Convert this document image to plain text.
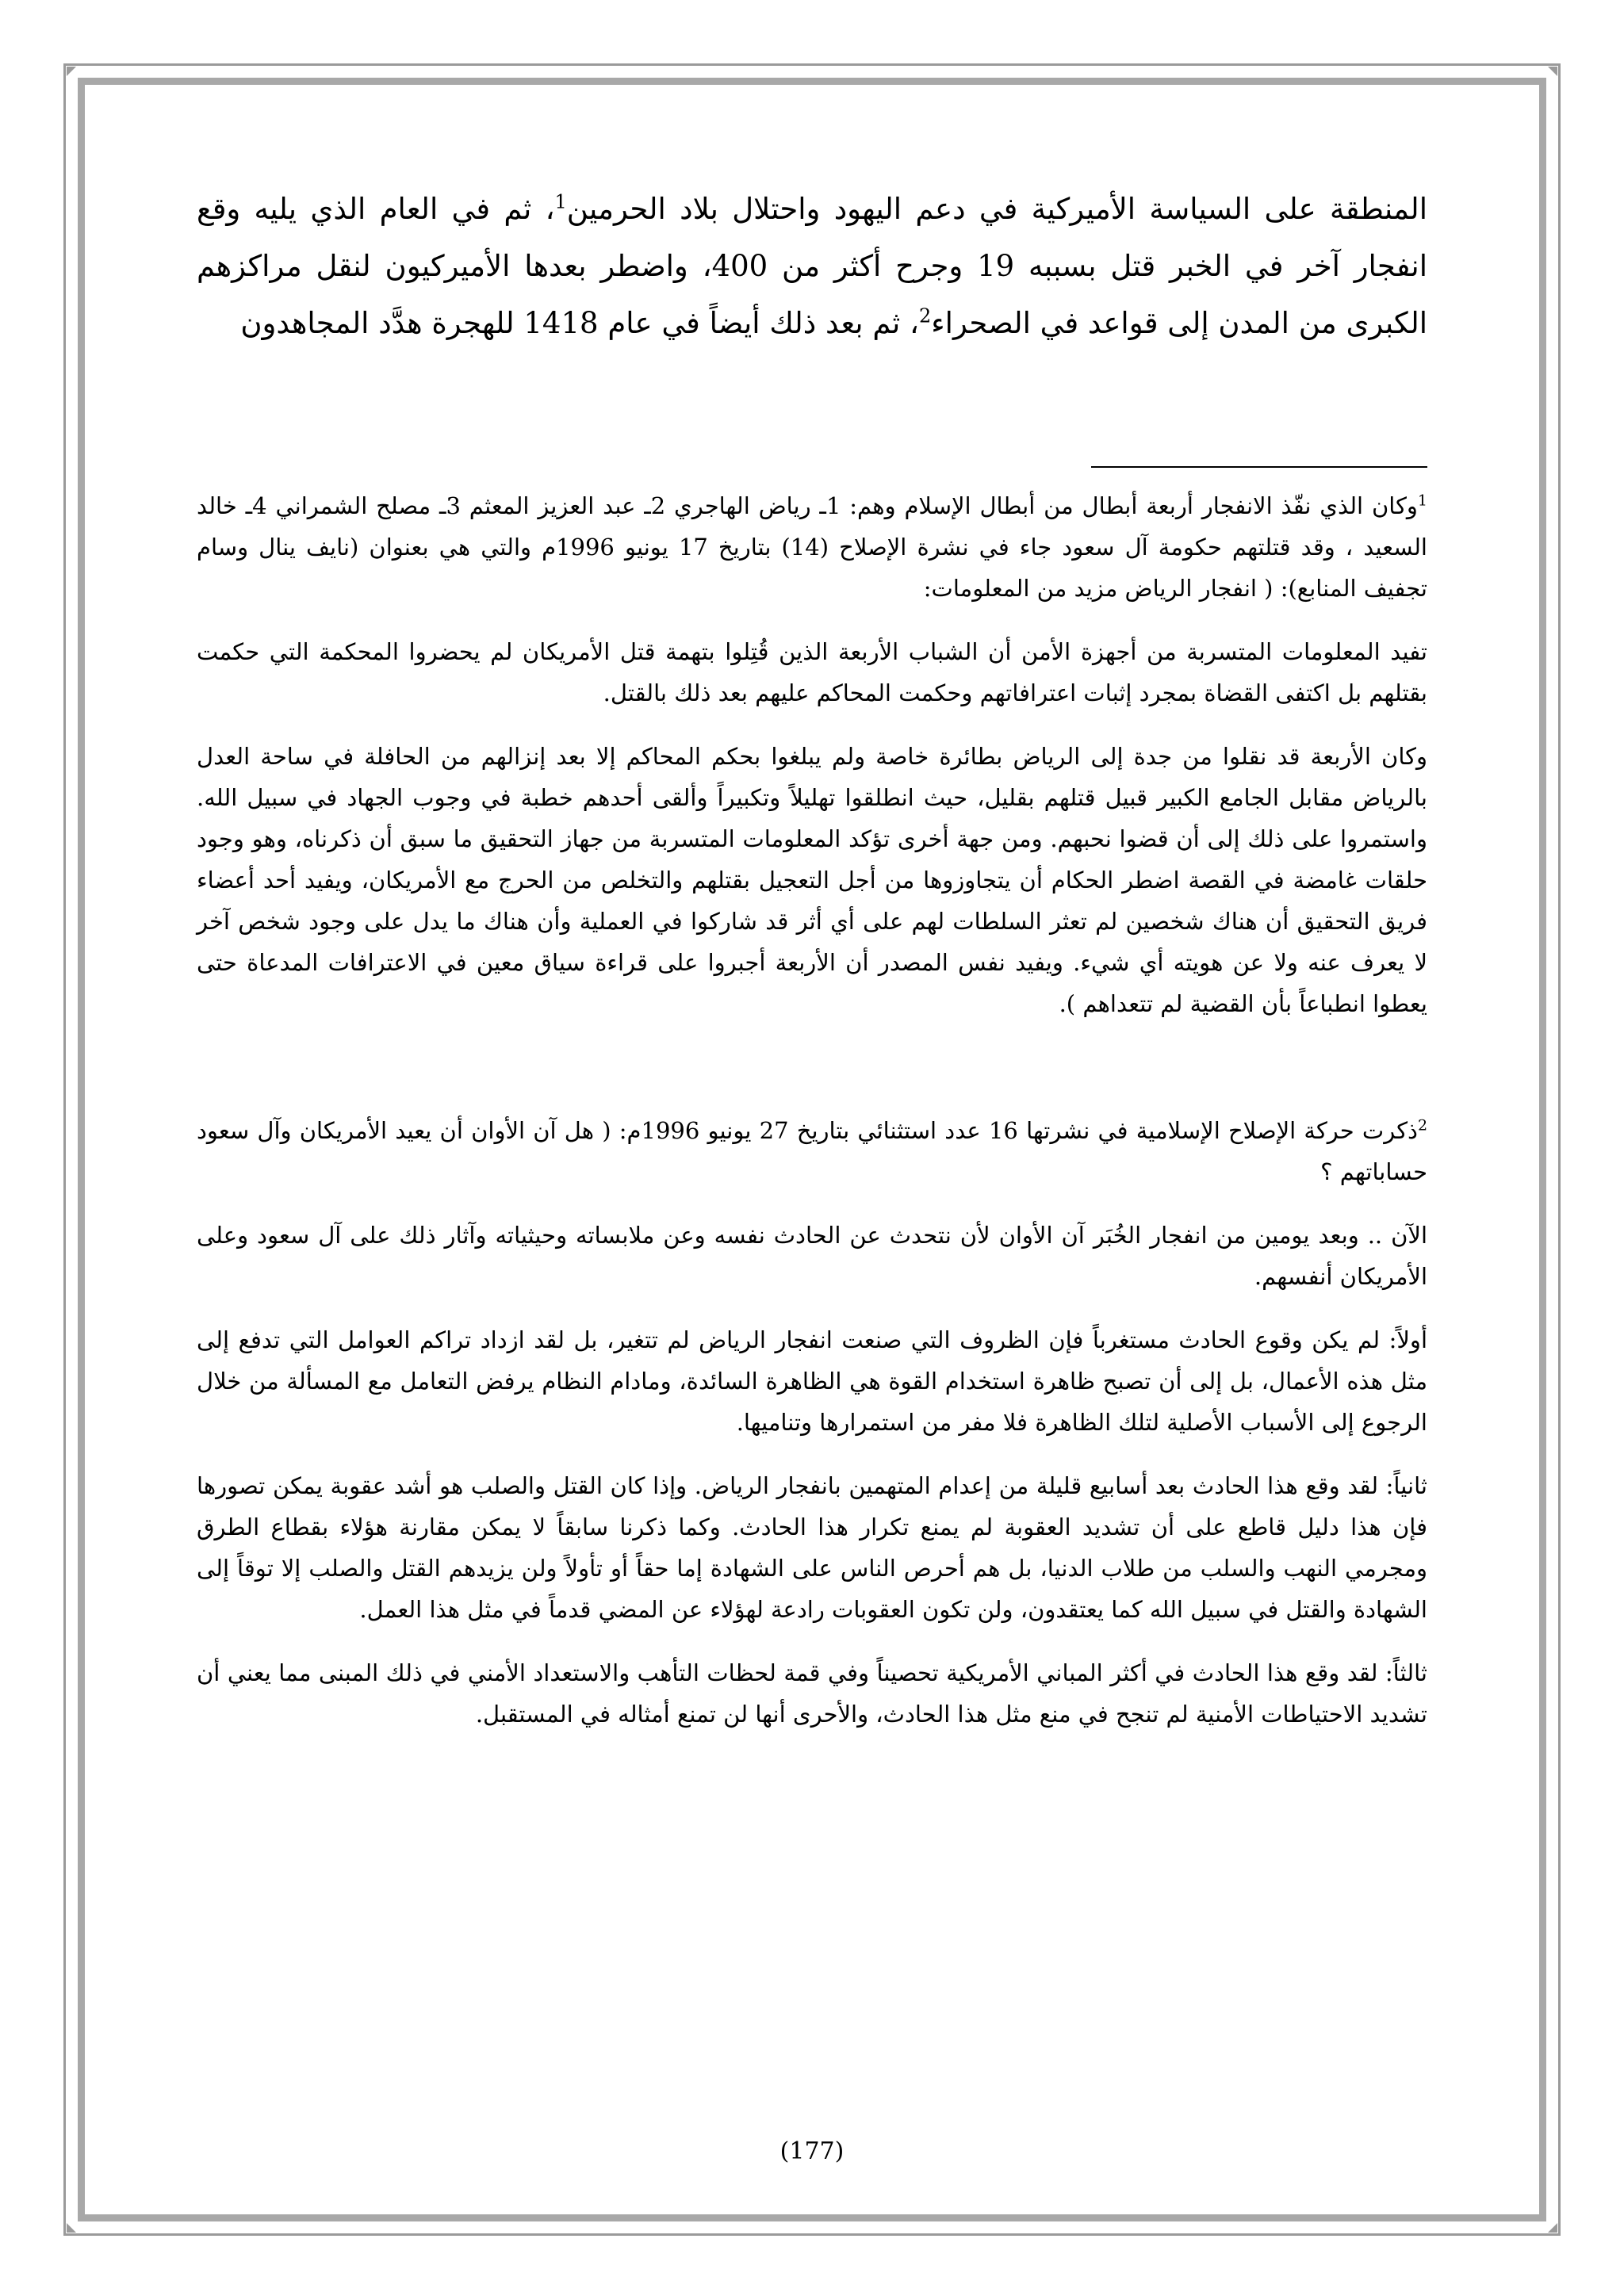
المنطقة على السياسة الأميركية في دعم اليهود واحتلال بلاد الحرمين$^1$، ثم في العام الذي يليه وقع انفجار آخر في الخبر قتل بسببه 19 وجرح أكثر من 400، واضطر بعدها الأميركيون لنقل مراكزهم الكبرى من المدن إلى قواعد في الصحراء$^2$، ثم بعد ذلك أيضاً في عام 1418 للهجرة هدَّد المجاهدون

$^1$وكان الذي نفّذ الانفجار أربعة أبطال من أبطال الإسلام وهم: 1ـ رياض الهاجري 2ـ عبد العزيز المعثم 3ـ مصلح الشمراني 4ـ خالد السعيد ، وقد قتلتهم حكومة آل سعود جاء في نشرة الإصلاح (14) بتاريخ 17 يونيو 1996م والتي هي بعنوان (نايف ينال وسام تجفيف المنابع): ( انفجار الرياض مزيد من المعلومات:

تفيد المعلومات المتسربة من أجهزة الأمن أن الشباب الأربعة الذين قُتِلوا بتهمة قتل الأمريكان لم يحضروا المحكمة التي حكمت بقتلهم بل اكتفى القضاة بمجرد إثبات اعترافاتهم وحكمت المحاكم عليهم بعد ذلك بالقتل.

وكان الأربعة قد نقلوا من جدة إلى الرياض بطائرة خاصة ولم يبلغوا بحكم المحاكم إلا بعد إنزالهم من الحافلة في ساحة العدل بالرياض مقابل الجامع الكبير قبيل قتلهم بقليل، حيث انطلقوا تهليلاً وتكبيراً وألقى أحدهم خطبة في وجوب الجهاد في سبيل الله. واستمروا على ذلك إلى أن قضوا نحبهم. ومن جهة أخرى تؤكد المعلومات المتسربة من جهاز التحقيق ما سبق أن ذكرناه، وهو وجود حلقات غامضة في القصة اضطر الحكام أن يتجاوزوها من أجل التعجيل بقتلهم والتخلص من الحرج مع الأمريكان، ويفيد أحد أعضاء فريق التحقيق أن هناك شخصين لم تعثر السلطات لهم على أي أثر قد شاركوا في العملية وأن هناك ما يدل على وجود شخص آخر لا يعرف عنه ولا عن هويته أي شيء. ويفيد نفس المصدر أن الأربعة أجبروا على قراءة سياق معين في الاعترافات المدعاة حتى يعطوا انطباعاً بأن القضية لم تتعداهم ).

$^2$ذكرت حركة الإصلاح الإسلامية في نشرتها 16 عدد استثنائي بتاريخ 27 يونيو 1996م: ( هل آن الأوان أن يعيد الأمريكان وآل سعود حساباتهم ؟

الآن .. وبعد يومين من انفجار الخُبَر آن الأوان لأن نتحدث عن الحادث نفسه وعن ملابساته وحيثياته وآثار ذلك على آل سعود وعلى الأمريكان أنفسهم.

أولاً: لم يكن وقوع الحادث مستغرباً فإن الظروف التي صنعت انفجار الرياض لم تتغير، بل لقد ازداد تراكم العوامل التي تدفع إلى مثل هذه الأعمال، بل إلى أن تصبح ظاهرة استخدام القوة هي الظاهرة السائدة، ومادام النظام يرفض التعامل مع المسألة من خلال الرجوع إلى الأسباب الأصلية لتلك الظاهرة فلا مفر من استمرارها وتناميها.

ثانياً: لقد وقع هذا الحادث بعد أسابيع قليلة من إعدام المتهمين بانفجار الرياض. وإذا كان القتل والصلب هو أشد عقوبة يمكن تصورها فإن هذا دليل قاطع على أن تشديد العقوبة لم يمنع تكرار هذا الحادث. وكما ذكرنا سابقاً لا يمكن مقارنة هؤلاء بقطاع الطرق ومجرمي النهب والسلب من طلاب الدنيا، بل هم أحرص الناس على الشهادة إما حقاً أو تأولاً ولن يزيدهم القتل والصلب إلا توقاً إلى الشهادة والقتل في سبيل الله كما يعتقدون، ولن تكون العقوبات رادعة لهؤلاء عن المضي قدماً في مثل هذا العمل.

ثالثاً: لقد وقع هذا الحادث في أكثر المباني الأمريكية تحصيناً وفي قمة لحظات التأهب والاستعداد الأمني في ذلك المبنى مما يعني أن تشديد الاحتياطات الأمنية لم تنجح في منع مثل هذا الحادث، والأحرى أنها لن تمنع أمثاله في المستقبل.

(177)
